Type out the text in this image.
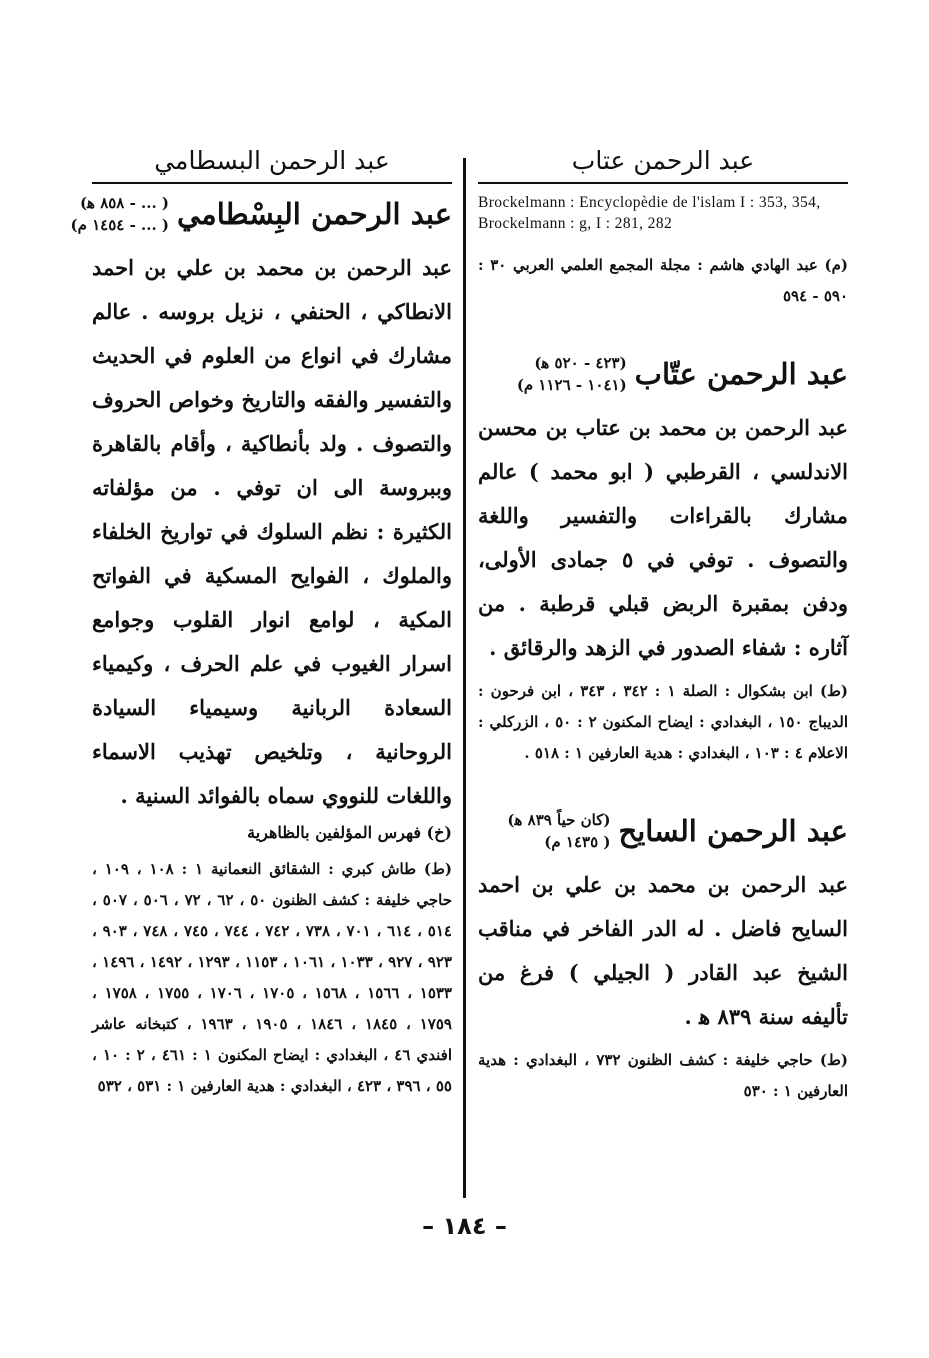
عبد الرحمن عتاب
Brockelmann : Encyclopèdie de l'islam I : 353, 354, Brockelmann : g, I : 281, 282
(م) عبد الهادي هاشم : مجلة المجمع العلمي العربي ٣٠ : ٥٩٠ - ٥٩٤
عبد الرحمن عتّاب
(٤٢٣ - ٥٢٠ ﻫ)
(١٠٤١ - ١١٢٦ م)
عبد الرحمن بن محمد بن عتاب بن محسن الاندلسي ، القرطبي ( ابو محمد ) عالم مشارك بالقراءات والتفسير واللغة والتصوف . توفي في ٥ جمادى الأولى، ودفن بمقبرة الربض قبلي قرطبة . من آثاره : شفاء الصدور في الزهد والرقائق .
(ط) ابن بشكوال : الصلة ١ : ٣٤٢ ، ٣٤٣ ، ابن فرحون : الديباج ١٥٠ ، البغدادي : ايضاح المكنون ٢ : ٥٠ ، الزركلي : الاعلام ٤ : ١٠٣ ، البغدادي : هدية العارفين ١ : ٥١٨ .
عبد الرحمن السايح
(كان حياً ٨٣٩ ﻫ)
( ١٤٣٥ م)
عبد الرحمن بن محمد بن علي بن احمد السايح فاضل . له الدر الفاخر في مناقب الشيخ عبد القادر ( الجيلي ) فرغ من تأليفه سنة ٨٣٩ ﻫ .
(ط) حاجي خليفة : كشف الظنون ٧٣٢ ، البغدادي : هدية العارفين ١ : ٥٣٠
عبد الرحمن البسطامي
عبد الرحمن البِسْطامي
( ... - ٨٥٨ ﻫ)
( ... - ١٤٥٤ م)
عبد الرحمن بن محمد بن علي بن احمد الانطاكي ، الحنفي ، نزيل بروسه . عالم مشارك في انواع من العلوم في الحديث والتفسير والفقه والتاريخ وخواص الحروف والتصوف . ولد بأنطاكية ، وأقام بالقاهرة وببروسة الى ان توفي . من مؤلفاته الكثيرة : نظم السلوك في تواريخ الخلفاء والملوك ، الفوايح المسكية في الفواتح المكية ، لوامع انوار القلوب وجوامع اسرار الغيوب في علم الحرف ، وكيمياء السعادة الربانية وسيمياء السيادة الروحانية ، وتلخيص تهذيب الاسماء واللغات للنووي سماه بالفوائد السنية .
(خ) فهرس المؤلفين بالظاهرية
(ط) طاش كبري : الشقائق النعمانية ١ : ١٠٨ ، ١٠٩ ، حاجي خليفة : كشف الظنون ٥٠ ، ٦٢ ، ٧٢ ، ٥٠٦ ، ٥٠٧ ، ٥١٤ ، ٦١٤ ، ٧٠١ ، ٧٣٨ ، ٧٤٢ ، ٧٤٤ ، ٧٤٥ ، ٧٤٨ ، ٩٠٣ ، ٩٢٣ ، ٩٢٧ ، ١٠٣٣ ، ١٠٦١ ، ١١٥٣ ، ١٢٩٣ ، ١٤٩٢ ، ١٤٩٦ ، ١٥٣٣ ، ١٥٦٦ ، ١٥٦٨ ، ١٧٠٥ ، ١٧٠٦ ، ١٧٥٥ ، ١٧٥٨ ، ١٧٥٩ ، ١٨٤٥ ، ١٨٤٦ ، ١٩٠٥ ، ١٩٦٣ ، كتبخانه عاشر افندي ٤٦ ، البغدادي : ايضاح المكنون ١ : ٤٦١ ، ٢ : ١٠ ، ٥٥ ، ٣٩٦ ، ٤٢٣ ، البغدادي : هدية العارفين ١ : ٥٣١ ، ٥٣٢
– ١٨٤ –
